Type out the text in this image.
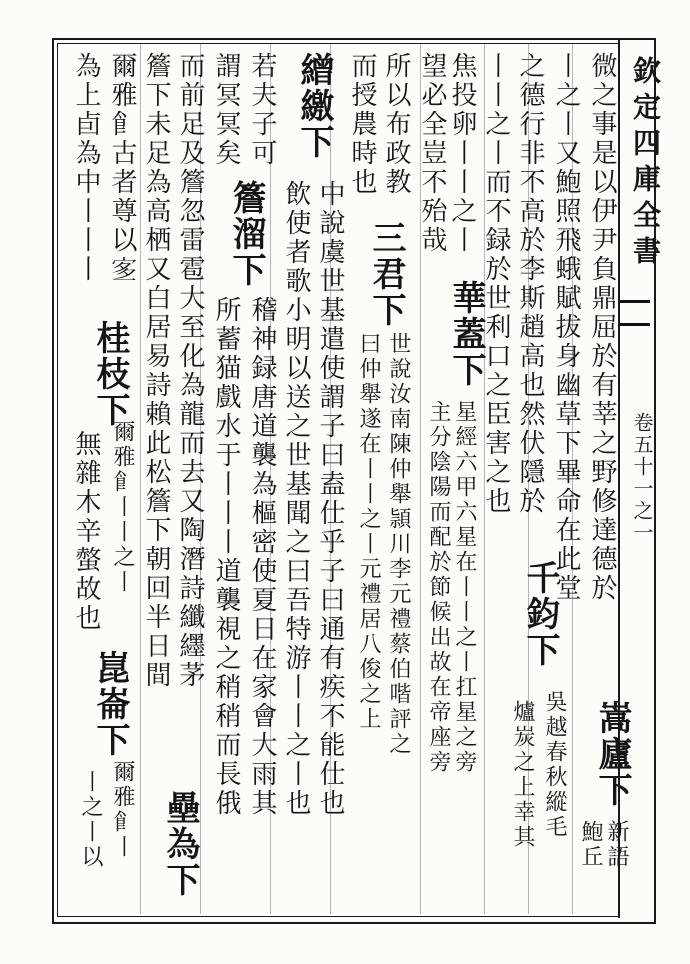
欽定四庫全書
卷五十一之一
微之事是以伊尹負鼎屈於有莘之野修達德於
丨之丨又鮑照飛蛾賦拔身幽草下畢命在此堂
之德行非不高於李斯趙高也然伏隱於
丨丨之丨而不録於世利口之臣害之也
焦投卵丨丨之丨
望必全豈不殆哉
所以布政教
而授農時也
中說虞世基遣使謂子曰盍仕乎子曰通有疾不能仕也
飲使者歌小明以送之世基聞之曰吾特游丨丨之丨也
若夫子可
謂冥冥矣
稽神録唐道襲為樞密使夏日在家會大雨其
所蓄猫戲水于丨丨丨道襲視之稍稍而長俄
而前足及簷忽雷雹大至化為龍而去又陶潛詩纖纆茅
簷下未足為高栖又白居易詩賴此松簷下朝回半日間
爾雅𩙿古者尊以𡨆
為上卣為中丨丨丨
爾雅𩙿丨丨之丨
無雜木辛螫故也
爾雅𩙿丨
丨之丨以	新語
鮑丘
吳越春秋縱毛
爐炭之上幸其
星經六甲六星在丨丨之丨扛星之旁
主分陰陽而配於節候出故在帝座旁
世說汝南陳仲舉頴川李元禮蔡伯喈評之
曰仲舉遂在丨丨之丨元禮居八俊之上
嵩廬下
千鈞下
華蓋下
三君下
繒繳下
簷溜下
壘為下
桂枝下
崑崙下
